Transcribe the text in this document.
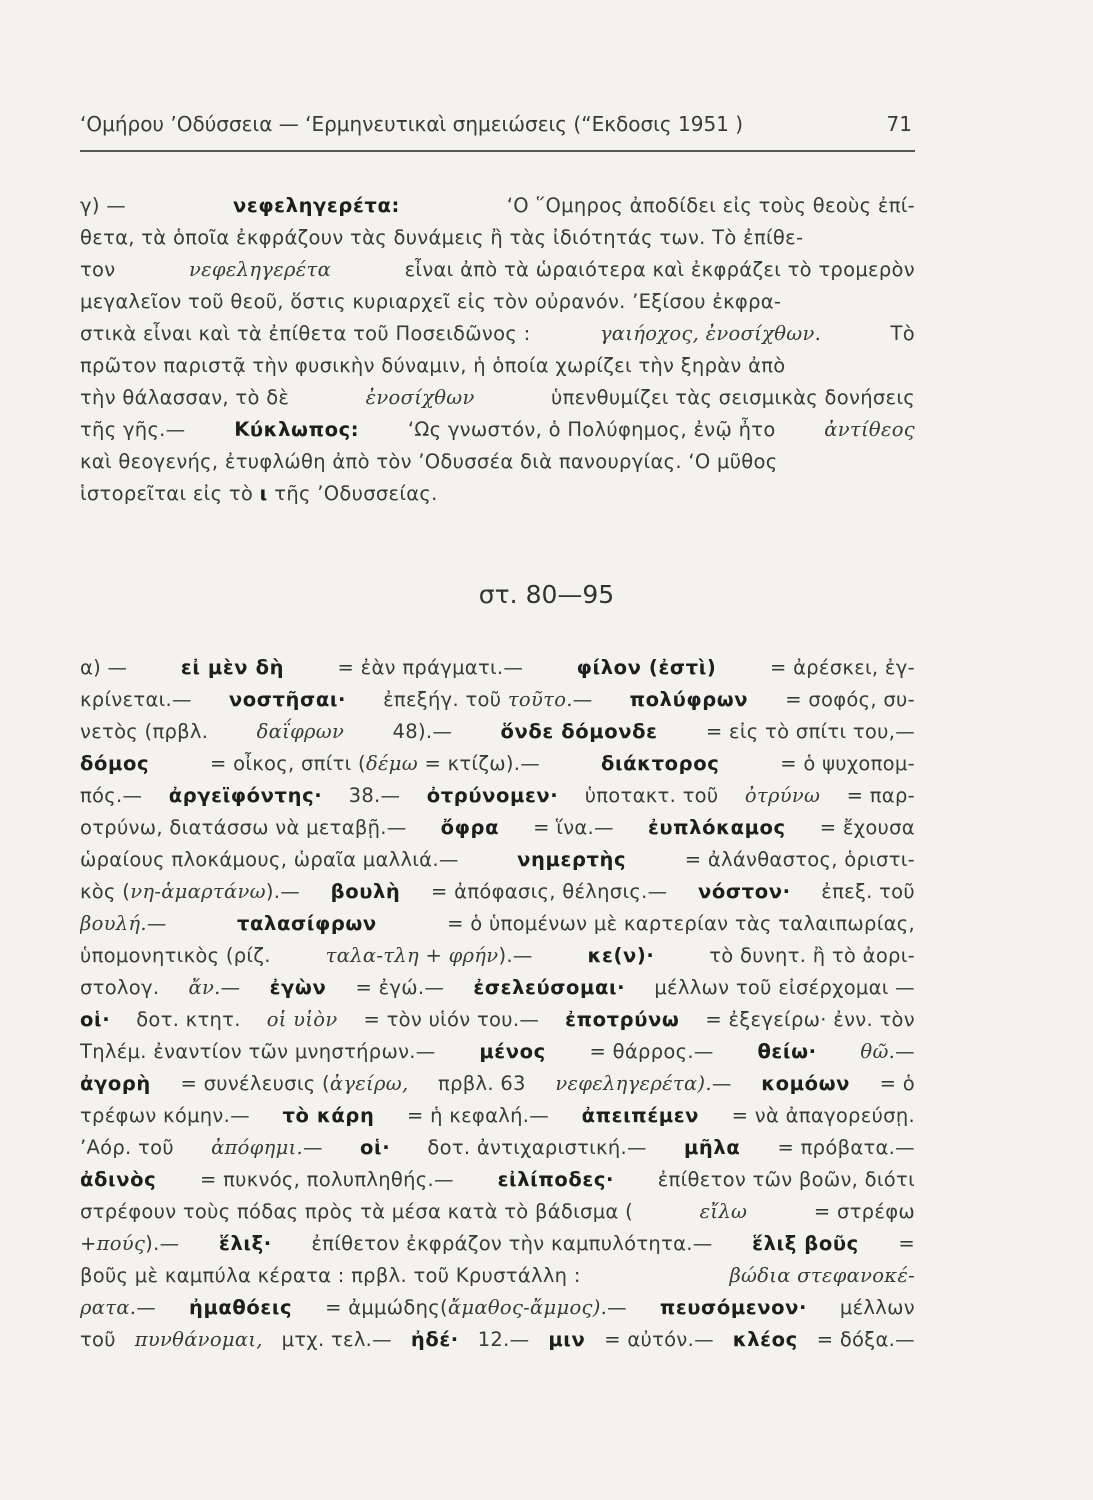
‘Ομήρου ’Οδύσσεια — ‘Ερμηνευτικαὶ σημειώσεις (“Εκδοσις 1951 )	71
γ) —	νεφεληγερέτα:	‘Ο ῞Ομηρος ἀποδίδει εἰς τοὺς θεοὺς ἐπί-
θετα, τὰ ὁποῖα ἐκφράζουν τὰς δυνάμεις ἢ τὰς ἰδιότητάς των. Τὸ ἐπίθε-
τον	νεφεληγερέτα	εἶναι ἀπὸ τὰ ὡραιότερα καὶ ἐκφράζει τὸ τρομερὸν
μεγαλεῖον τοῦ θεοῦ, ὅστις κυριαρχεῖ εἰς τὸν οὐρανόν. ’Εξίσου ἐκφρα-
στικὰ εἶναι καὶ τὰ ἐπίθετα τοῦ Ποσειδῶνος :	γαιήοχος, ἐνοσίχθων.	Τὸ
πρῶτον παριστᾷ τὴν φυσικὴν δύναμιν, ἡ ὁποία χωρίζει τὴν ξηρὰν ἀπὸ
τὴν θάλασσαν, τὸ δὲ	ἐνοσίχθων	ὑπενθυμίζει τὰς σεισμικὰς δονήσεις
τῆς γῆς.— Κύκλωπος: ‘Ως γνωστόν, ὁ Πολύφημος, ἐνῷ ἦτο ἀντίθεος
καὶ θεογενής, ἐτυφλώθη ἀπὸ τὸν ’Οδυσσέα διὰ πανουργίας. ‘Ο μῦθος
ἱστορεῖται εἰς τὸ ι τῆς ’Οδυσσείας.
στ. 80—95
α) —	εἰ μὲν δὴ	= ἐὰν πράγματι.—	φίλον (ἐστὶ)	= ἀρέσκει, ἐγ-
κρίνεται.— νοστῆσαι· ἐπεξήγ. τοῦ τοῦτο.— πολύφρων = σοφός, συ-
νετὸς (πρβλ. δαΐφρων 48).— ὅνδε δόμονδε = εἰς τὸ σπίτι του,—
δόμος	= οἶκος, σπίτι (δέμω = κτίζω).—	διάκτορος	= ὁ ψυχοπομ-
πός.— ἀργεϊφόντης· 38.— ὀτρύνομεν· ὑποτακτ. τοῦ ὀτρύνω = παρ-
οτρύνω, διατάσσω νὰ μεταβῇ.— ὄφρα = ἵνα.— ἐυπλόκαμος = ἔχουσα
ὡραίους πλοκάμους, ὡραῖα μαλλιά.—	νημερτὴς	= ἀλάνθαστος, ὁριστι-
κὸς (νη-ἁμαρτάνω).— βουλὴ = ἀπόφασις, θέλησις.— νόστον· ἐπεξ. τοῦ
βουλή.—	ταλασίφρων	= ὁ ὑπομένων μὲ καρτερίαν τὰς ταλαιπωρίας,
ὑπομονητικὸς (ρίζ.	ταλα-τλη + φρήν).—	κε(ν)·	τὸ δυνητ. ἢ τὸ ἀορι-
στολογ. ἄν.— ἐγὼν = ἐγώ.— ἐσελεύσομαι· μέλλων τοῦ εἰσέρχομαι —
οἱ· δοτ. κτητ. οἱ υἱὸν = τὸν υἱόν του.— ἐποτρύνω = ἐξεγείρω· ἐνν. τὸν
Τηλέμ. ἐναντίον τῶν μνηστήρων.— μένος = θάρρος.— θείω· θῶ.—
ἀγορὴ = συνέλευσις (ἀγείρω, πρβλ. 63 νεφεληγερέτα).— κομόων = ὁ
τρέφων κόμην.— τὸ κάρη = ἡ κεφαλή.— ἀπειπέμεν = νὰ ἀπαγορεύσῃ.
’Αόρ. τοῦ ἀπόφημι.— οἱ· δοτ. ἀντιχαριστική.— μῆλα = πρόβατα.—
ἀδινὸς = πυκνός, πολυπληθής.— εἰλίποδες· ἐπίθετον τῶν βοῶν, διότι
στρέφουν τοὺς πόδας πρὸς τὰ μέσα κατὰ τὸ βάδισμα (	εἴλω	= στρέφω
+πούς).— ἕλιξ· ἐπίθετον ἐκφράζον τὴν καμπυλότητα.— ἕλιξ βοῦς =
βοῦς μὲ καμπύλα κέρατα : πρβλ. τοῦ Κρυστάλλη :	βώδια στεφανοκέ-
ρατα.— ἠμαθόεις = ἀμμώδης(ἄμαθος-ἄμμος).— πευσόμενον· μέλλων
τοῦ πυνθάνομαι, μτχ. τελ.— ἠδέ· 12.— μιν = αὐτόν.— κλέος = δόξα.—
